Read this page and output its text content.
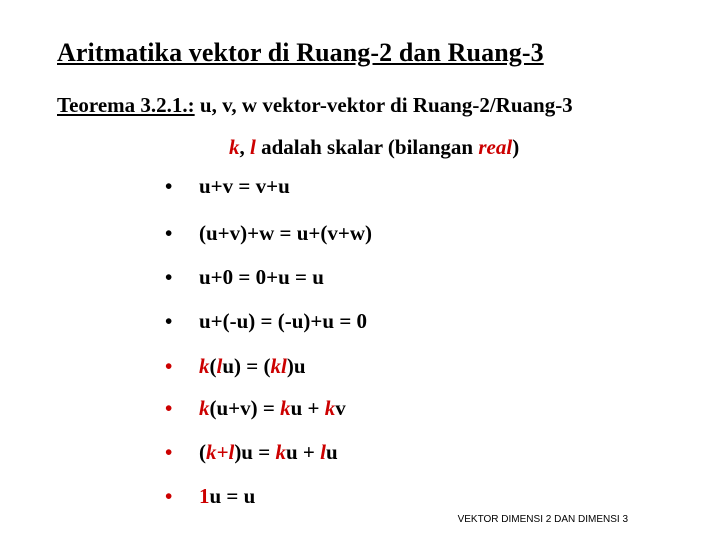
Aritmatika vektor di Ruang-2 dan Ruang-3
Teorema 3.2.1.: u, v, w vektor-vektor di Ruang-2/Ruang-3
k, l adalah skalar (bilangan real)
•	u+v = v+u
•	(u+v)+w = u+(v+w)
•	u+0 = 0+u = u
•	u+(-u) = (-u)+u = 0
•	k(lu) = (kl)u
•	k(u+v) = ku + kv
•	(k+l)u = ku + lu
•	1u = u
VEKTOR DIMENSI 2 DAN DIMENSI 3
